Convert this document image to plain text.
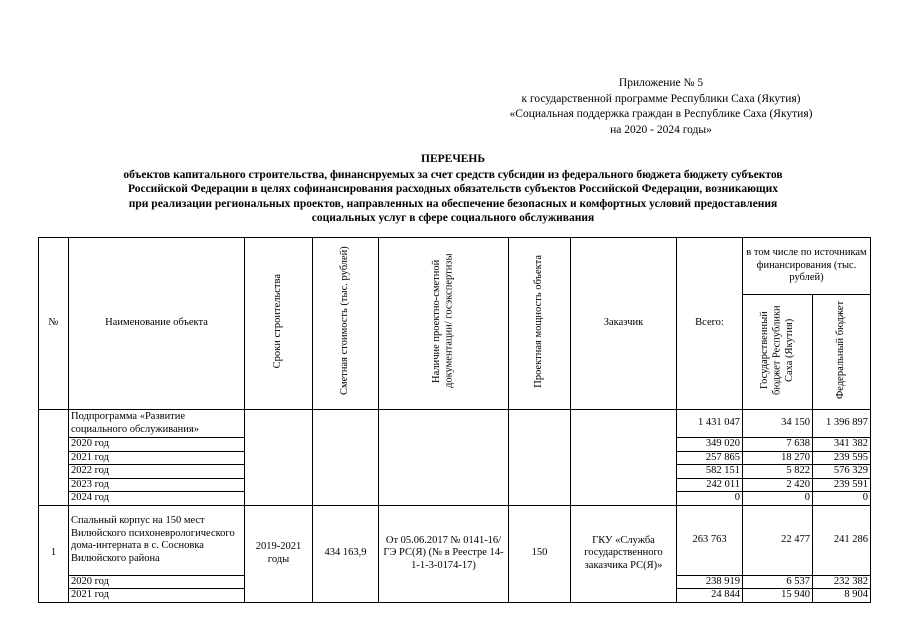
Приложение № 5
к государственной программе Республики Саха (Якутия)
«Социальная поддержка граждан в Республике Саха (Якутия)
на 2020 - 2024 годы»
ПЕРЕЧЕНЬ
объектов капитального строительства, финансируемых за счет средств субсидии из федерального бюджета бюджету субъектов
Российской Федерации в целях софинансирования расходных обязательств субъектов Российской Федерации, возникающих
при реализации региональных проектов, направленных на обеспечение безопасных и комфортных условий предоставления
социальных услуг в сфере социального обслуживания
№	Наименование объекта	Сроки строительства	Сметная стоимость (тыс. рублей)	Наличие проектно-сметной документации/ госэкспертизы	Проектная мощность объекта	Заказчик	Всего:	в том числе по источникам финансирования (тыс. рублей)	
								Государственный бюджет Республики Саха (Якутия)	Федеральный бюджет
	Подпрограмма «Развитие социального обслуживания»						1 431 047	34 150	1 396 897
	2020 год						349 020	7 638	341 382
	2021 год						257 865	18 270	239 595
	2022 год						582 151	5 822	576 329
	2023 год						242 011	2 420	239 591
	2024 год						0	0	0
1	Спальный корпус на 150 мест Вилюйского психоневрологического дома-интерната в с. Сосновка Вилюйского района	2019-2021 годы	434 163,9	От 05.06.2017 № 0141-16/ГЭ РС(Я) (№ в Реестре 14-1-1-3-0174-17)	150	ГКУ «Служба государственного заказчика РС(Я)»	263 763	22 477	241 286
	2020 год						238 919	6 537	232 382
	2021 год						24 844	15 940	8 904
